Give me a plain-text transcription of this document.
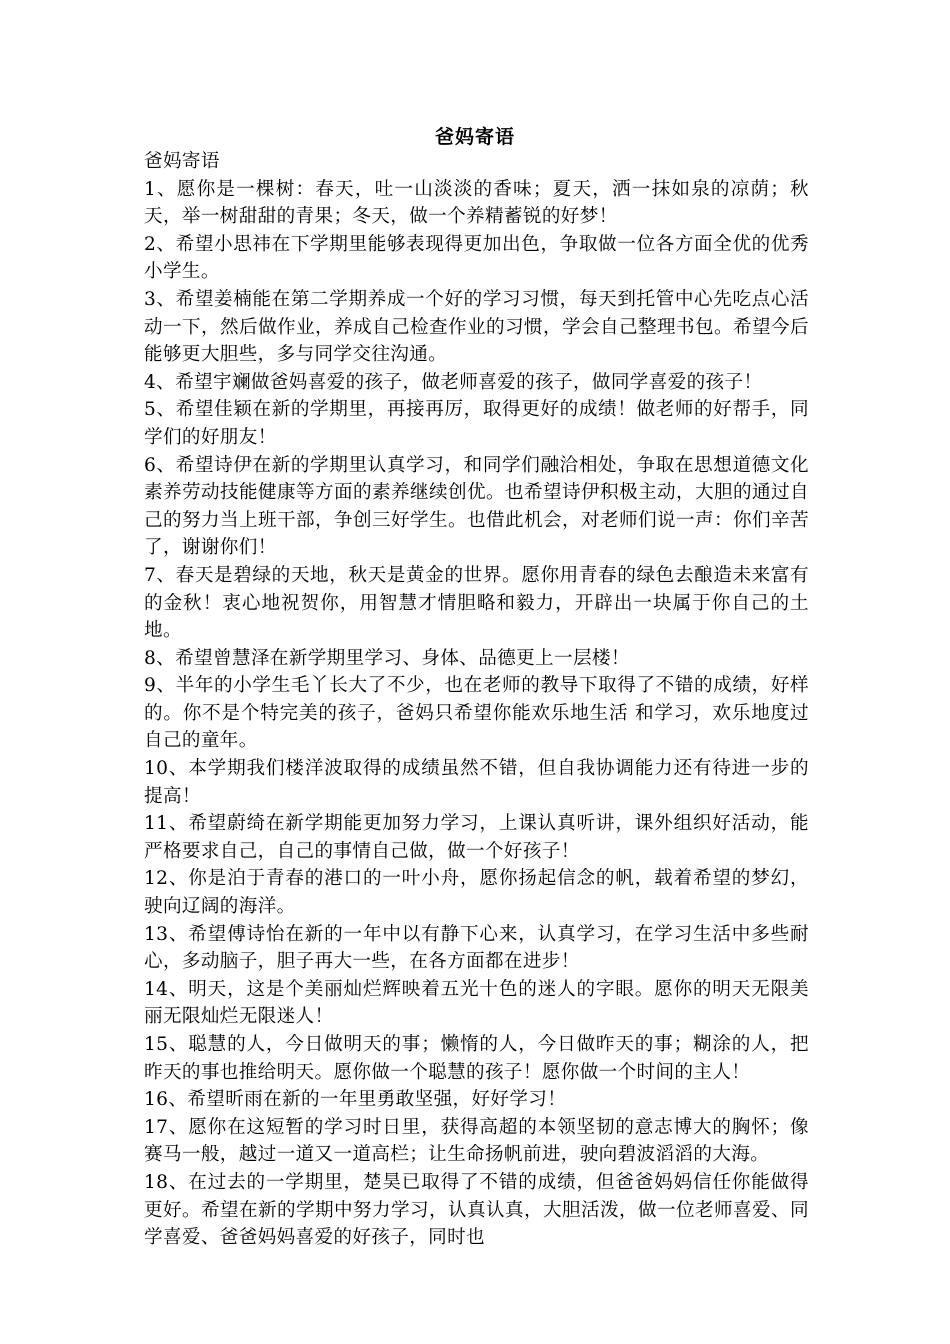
爸妈寄语

爸妈寄语

1、愿你是一棵树：春天，吐一山淡淡的香味；夏天，洒一抹如泉的凉荫；秋天，举一树甜甜的青果；冬天，做一个养精蓄锐的好梦！

2、希望小思祎在下学期里能够表现得更加出色，争取做一位各方面全优的优秀小学生。

3、希望姜楠能在第二学期养成一个好的学习习惯，每天到托管中心先吃点心活动一下，然后做作业，养成自己检查作业的习惯，学会自己整理书包。希望今后能够更大胆些，多与同学交往沟通。

4、希望宇斓做爸妈喜爱的孩子，做老师喜爱的孩子，做同学喜爱的孩子！

5、希望佳颖在新的学期里，再接再厉，取得更好的成绩！做老师的好帮手，同学们的好朋友！

6、希望诗伊在新的学期里认真学习，和同学们融洽相处，争取在思想道德文化素养劳动技能健康等方面的素养继续创优。也希望诗伊积极主动，大胆的通过自己的努力当上班干部，争创三好学生。也借此机会，对老师们说一声：你们辛苦了，谢谢你们！

7、春天是碧绿的天地，秋天是黄金的世界。愿你用青春的绿色去酿造未来富有的金秋！衷心地祝贺你，用智慧才情胆略和毅力，开辟出一块属于你自己的土地。

8、希望曾慧泽在新学期里学习、身体、品德更上一层楼！

9、半年的小学生毛丫长大了不少，也在老师的教导下取得了不错的成绩，好样的。你不是个特完美的孩子，爸妈只希望你能欢乐地生活 和学习，欢乐地度过自己的童年。

10、本学期我们楼洋波取得的成绩虽然不错，但自我协调能力还有待进一步的提高！

11、希望蔚绮在新学期能更加努力学习，上课认真听讲，课外组织好活动，能严格要求自己，自己的事情自己做，做一个好孩子！

12、你是泊于青春的港口的一叶小舟，愿你扬起信念的帆，载着希望的梦幻，驶向辽阔的海洋。

13、希望傅诗怡在新的一年中以有静下心来，认真学习，在学习生活中多些耐心，多动脑子，胆子再大一些，在各方面都在进步！

14、明天，这是个美丽灿烂辉映着五光十色的迷人的字眼。愿你的明天无限美丽无限灿烂无限迷人！

15、聪慧的人，今日做明天的事；懒惰的人，今日做昨天的事；糊涂的人，把昨天的事也推给明天。愿你做一个聪慧的孩子！愿你做一个时间的主人！

16、希望昕雨在新的一年里勇敢坚强，好好学习！

17、愿你在这短暂的学习时日里，获得高超的本领坚韧的意志博大的胸怀；像赛马一般，越过一道又一道高栏；让生命扬帆前进，驶向碧波滔滔的大海。

18、在过去的一学期里，楚昊已取得了不错的成绩，但爸爸妈妈信任你能做得更好。希望在新的学期中努力学习，认真认真，大胆活泼，做一位老师喜爱、同学喜爱、爸爸妈妈喜爱的好孩子，同时也
